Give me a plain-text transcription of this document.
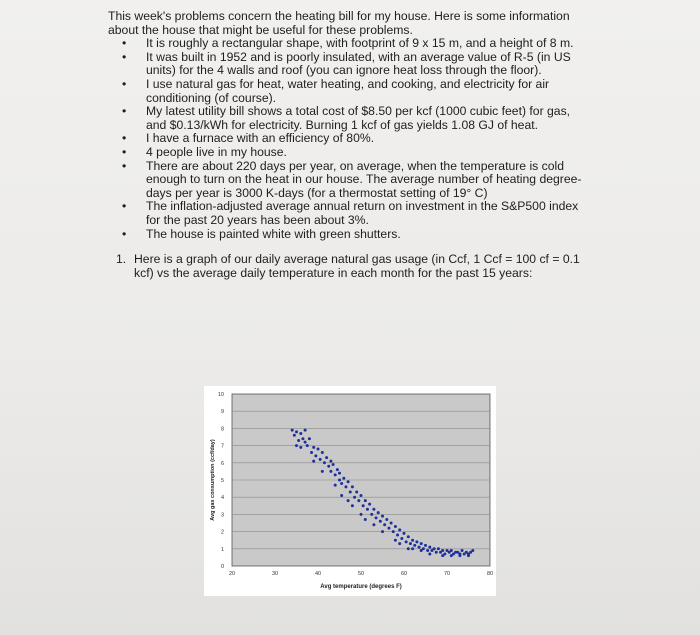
This week's problems concern the heating bill for my house. Here is some information about the house that might be useful for these problems.
• It is roughly a rectangular shape, with footprint of 9 x 15 m, and a height of 8 m.
• It was built in 1952 and is poorly insulated, with an average value of R-5 (in US units) for the 4 walls and roof (you can ignore heat loss through the floor).
• I use natural gas for heat, water heating, and cooking, and electricity for air conditioning (of course).
• My latest utility bill shows a total cost of $8.50 per kcf (1000 cubic feet) for gas, and $0.13/kWh for electricity. Burning 1 kcf of gas yields 1.08 GJ of heat.
• I have a furnace with an efficiency of 80%.
• 4 people live in my house.
• There are about 220 days per year, on average, when the temperature is cold enough to turn on the heat in our house. The average number of heating degree-days per year is 3000 K-days (for a thermostat setting of 19° C)
• The inflation-adjusted average annual return on investment in the S&P500 index for the past 20 years has been about 3%.
• The house is painted white with green shutters.
1. Here is a graph of our daily average natural gas usage (in Ccf, 1 Ccf = 100 cf = 0.1 kcf) vs the average daily temperature in each month for the past 15 years:
0
1
2
3
4
5
6
7
8
9
10
20	30	40	50	60	70	80
Avg temperature (degrees F)
Avg gas consumption (ccf/day)
